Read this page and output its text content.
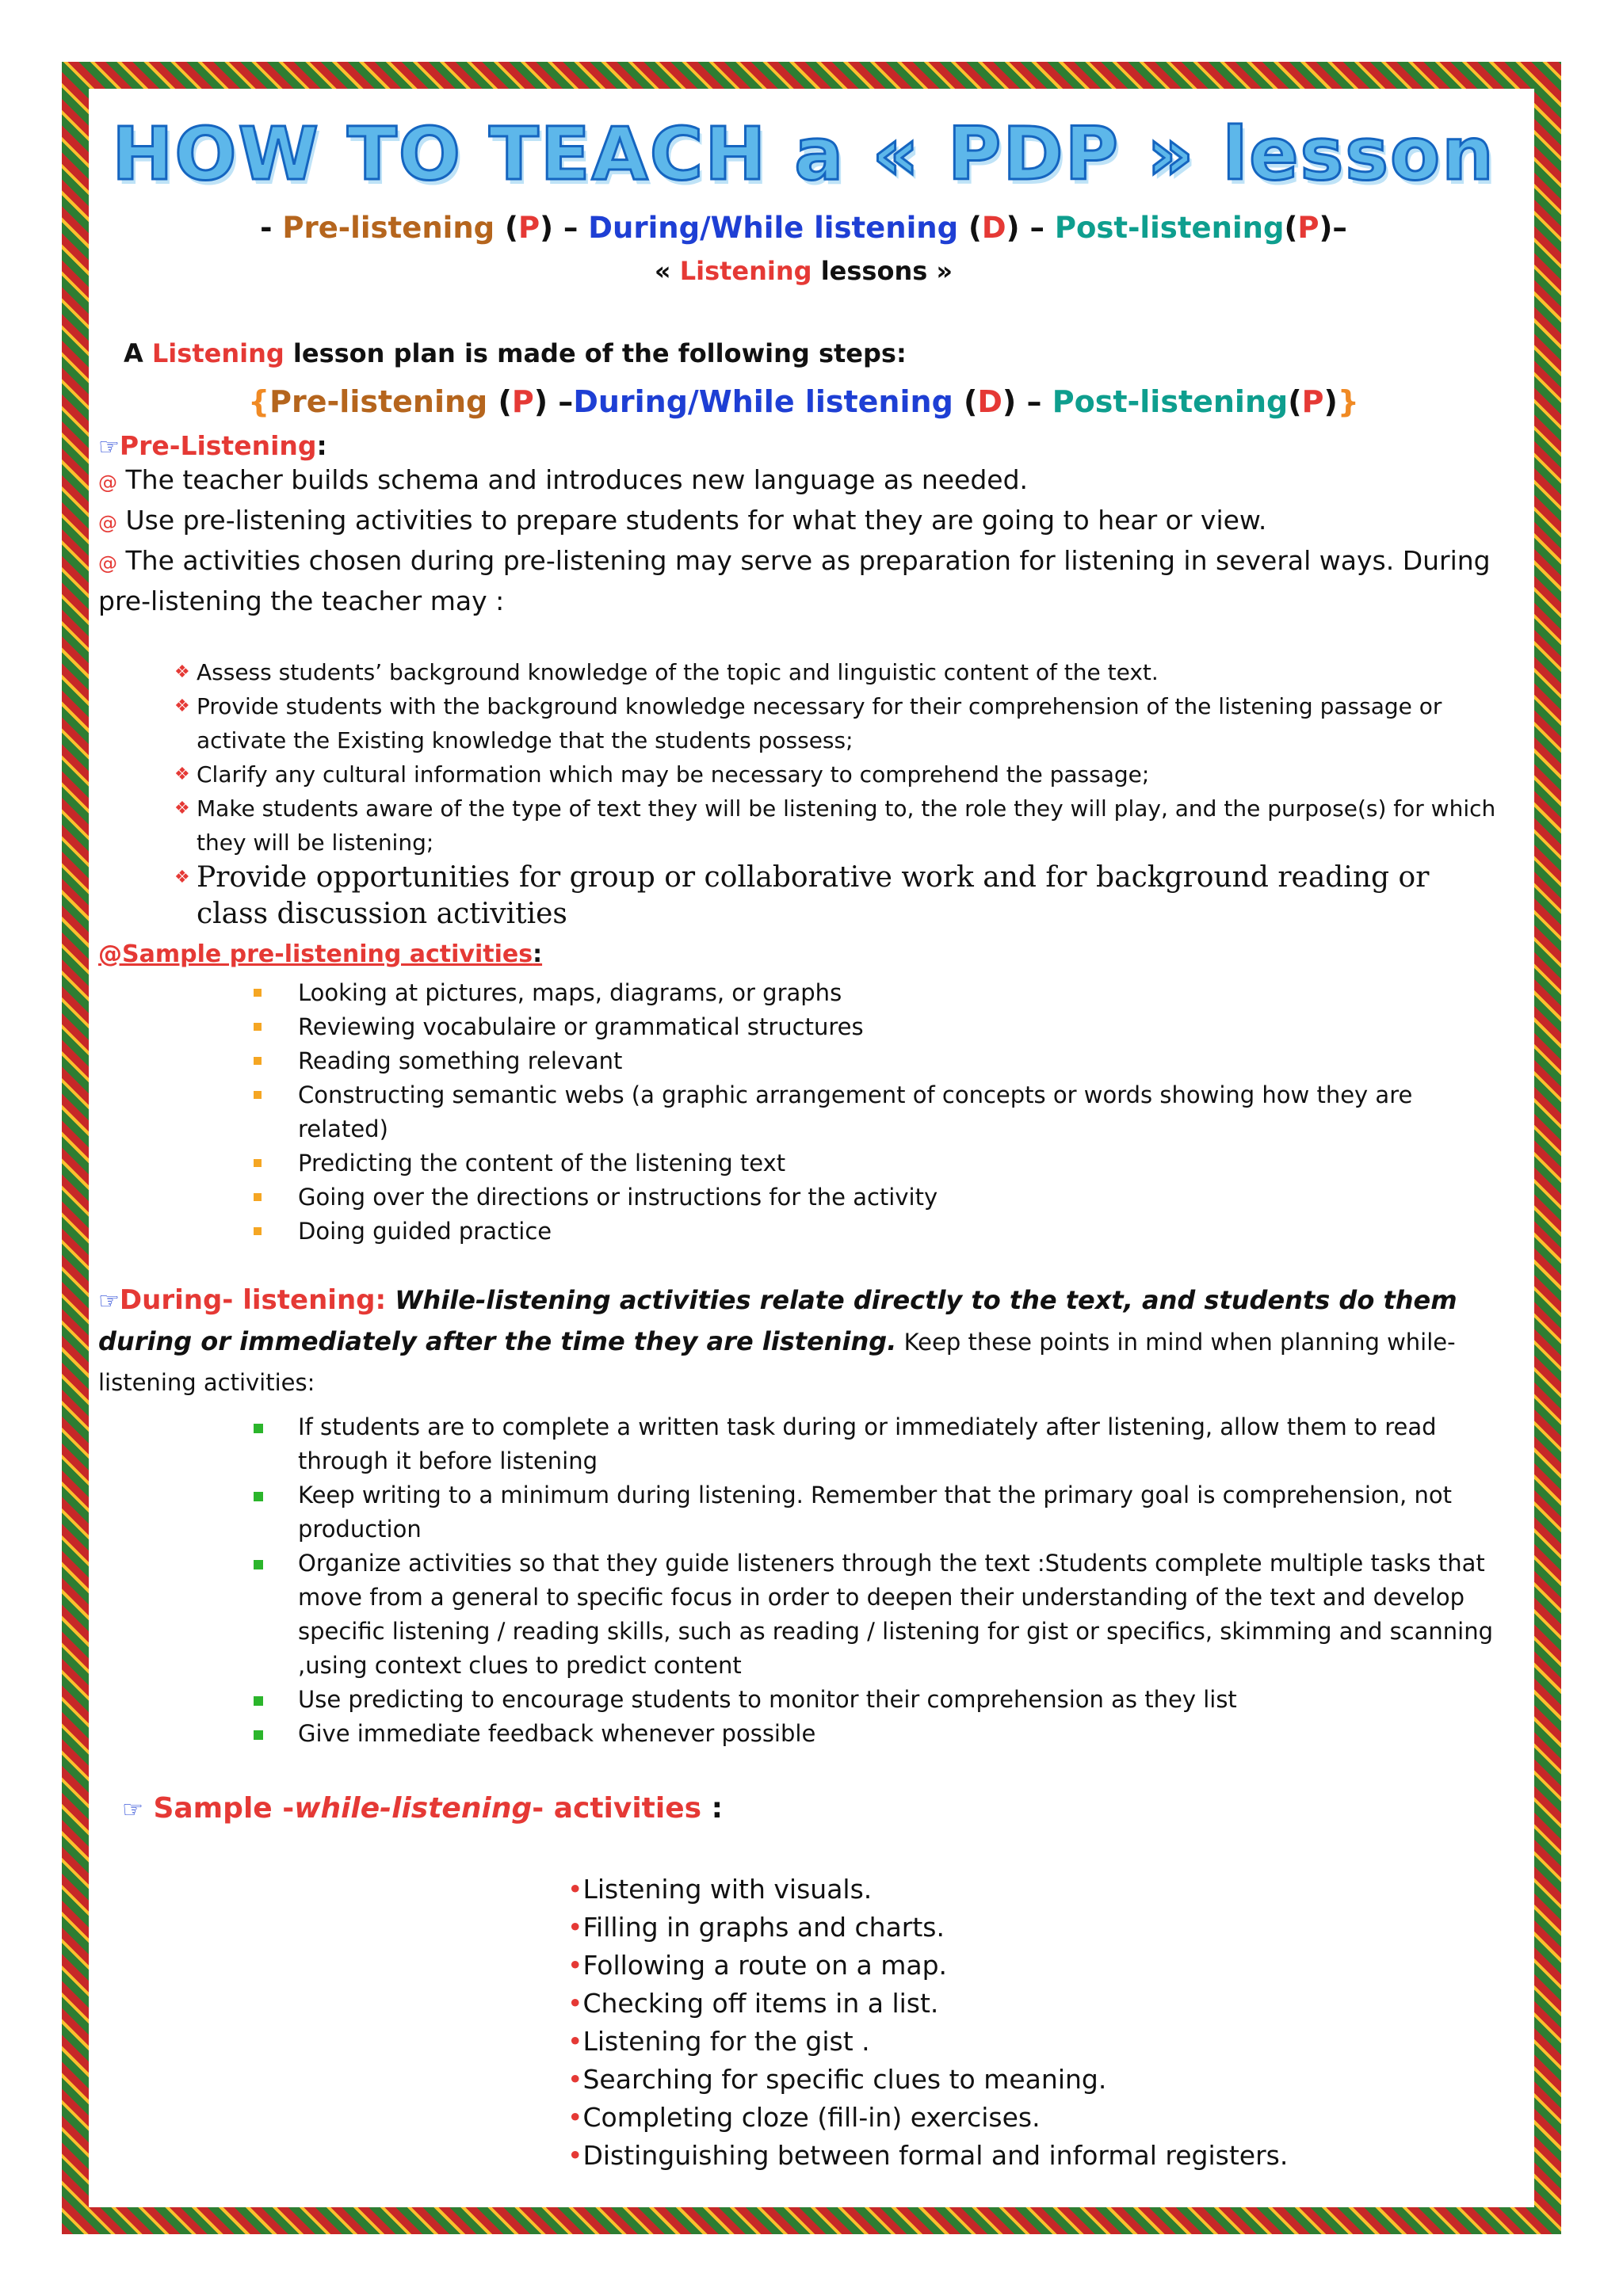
HOW TO TEACH a « PDP » lesson
- Pre-listening (P) – During/While listening (D) – Post-listening(P)–
« Listening lessons »
A Listening lesson plan is made of the following steps:
{Pre-listening (P) –During/While listening (D) – Post-listening(P)}
☞Pre-Listening:
@ The teacher builds schema and introduces new language as needed.
@ Use pre-listening activities to prepare students for what they are going to hear or view.
@ The activities chosen during pre-listening may serve as preparation for listening in several ways. During pre-listening the teacher may :
❖ Assess students’ background knowledge of the topic and linguistic content of the text.
❖ Provide students with the background knowledge necessary for their comprehension of the listening passage or activate the Existing knowledge that the students possess;
❖ Clarify any cultural information which may be necessary to comprehend the passage;
❖ Make students aware of the type of text they will be listening to, the role they will play, and the purpose(s) for which they will be listening;
❖ Provide opportunities for group or collaborative work and for background reading or class discussion activities
@Sample pre-listening activities:
Looking at pictures, maps, diagrams, or graphs
Reviewing vocabulaire or grammatical structures
Reading something relevant
Constructing semantic webs (a graphic arrangement of concepts or words showing how they are related)
Predicting the content of the listening text
Going over the directions or instructions for the activity
Doing guided practice
☞During- listening: While-listening activities relate directly to the text, and students do them during or immediately after the time they are listening. Keep these points in mind when planning while-listening activities:
If students are to complete a written task during or immediately after listening, allow them to read through it before listening
Keep writing to a minimum during listening. Remember that the primary goal is comprehension, not production
Organize activities so that they guide listeners through the text :Students complete multiple tasks that move from a general to specific focus in order to deepen their understanding of the text and develop specific listening / reading skills, such as reading / listening for gist or specifics, skimming and scanning ,using context clues to predict content
Use predicting to encourage students to monitor their comprehension as they list
Give immediate feedback whenever possible
☞ Sample -while-listening- activities :
•Listening with visuals.
•Filling in graphs and charts.
•Following a route on a map.
•Checking off items in a list.
•Listening for the gist .
•Searching for specific clues to meaning.
•Completing cloze (fill-in) exercises.
•Distinguishing between formal and informal registers.
